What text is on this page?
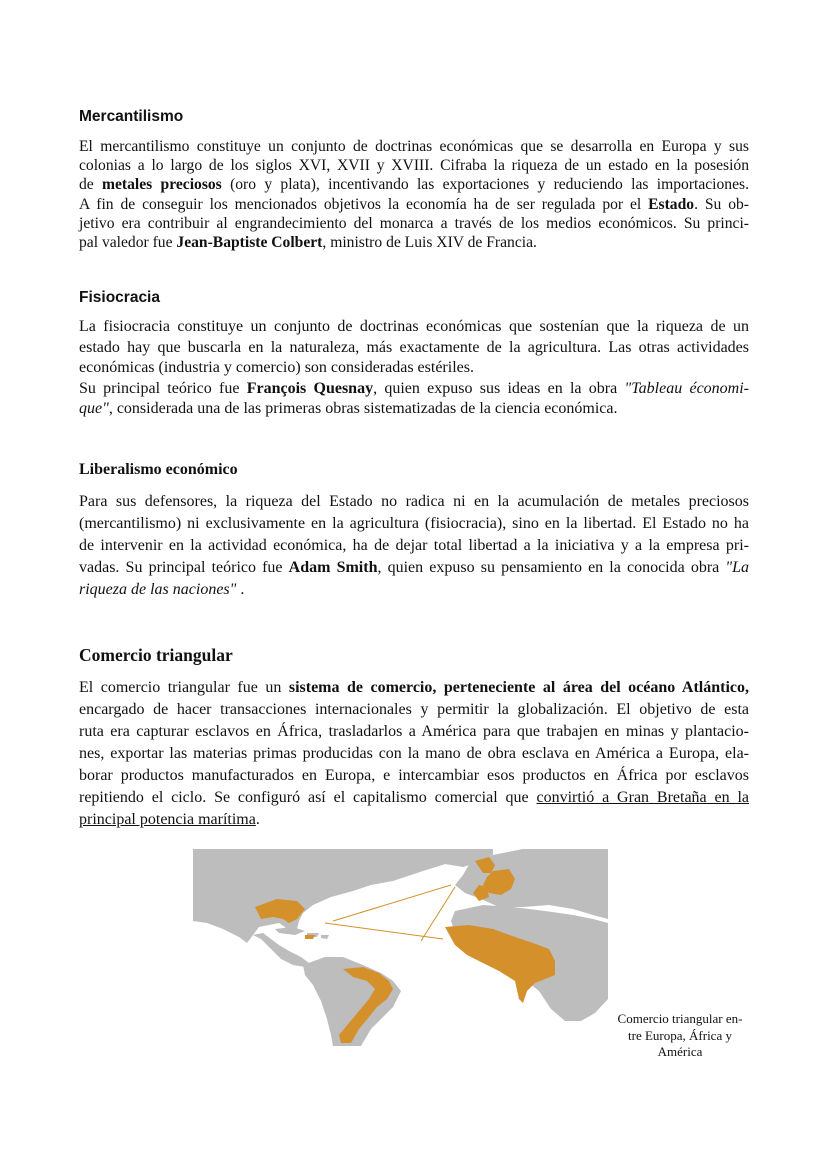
Mercantilismo
El mercantilismo constituye un conjunto de doctrinas económicas que se desarrolla en Europa y sus
colonias a lo largo de los siglos XVI, XVII y XVIII. Cifraba la riqueza de un estado en la posesión
de metales preciosos (oro y plata), incentivando las exportaciones y reduciendo las importaciones.
A fin de conseguir los mencionados objetivos la economía ha de ser regulada por el Estado. Su ob-
jetivo era contribuir al engrandecimiento del monarca a través de los medios económicos. Su princi-
pal valedor fue Jean-Baptiste Colbert, ministro de Luis XIV de Francia.
Fisiocracia
La fisiocracia constituye un conjunto de doctrinas económicas que sostenían que la riqueza de un
estado hay que buscarla en la naturaleza, más exactamente de la agricultura. Las otras actividades
económicas (industria y comercio) son consideradas estériles.
Su principal teórico fue François Quesnay, quien expuso sus ideas en la obra "Tableau économi-
que", considerada una de las primeras obras sistematizadas de la ciencia económica.
Liberalismo económico
Para sus defensores, la riqueza del Estado no radica ni en la acumulación de metales preciosos
(mercantilismo) ni exclusivamente en la agricultura (fisiocracia), sino en la libertad. El Estado no ha
de intervenir en la actividad económica, ha de dejar total libertad a la iniciativa y a la empresa pri-
vadas. Su principal teórico fue Adam Smith, quien expuso su pensamiento en la conocida obra "La
riqueza de las naciones" .
Comercio triangular
El comercio triangular fue un sistema de comercio, perteneciente al área del océano Atlántico,
encargado de hacer transacciones internacionales y permitir la globalización. El objetivo de esta
ruta era capturar esclavos en África, trasladarlos a América para que trabajen en minas y plantacio-
nes, exportar las materias primas producidas con la mano de obra esclava en América a Europa, ela-
borar productos manufacturados en Europa, e intercambiar esos productos en África por esclavos
repitiendo el ciclo. Se configuró así el capitalismo comercial que convirtió a Gran Bretaña en la
principal potencia marítima.

Comercio triangular en-
tre Europa, África y
América
